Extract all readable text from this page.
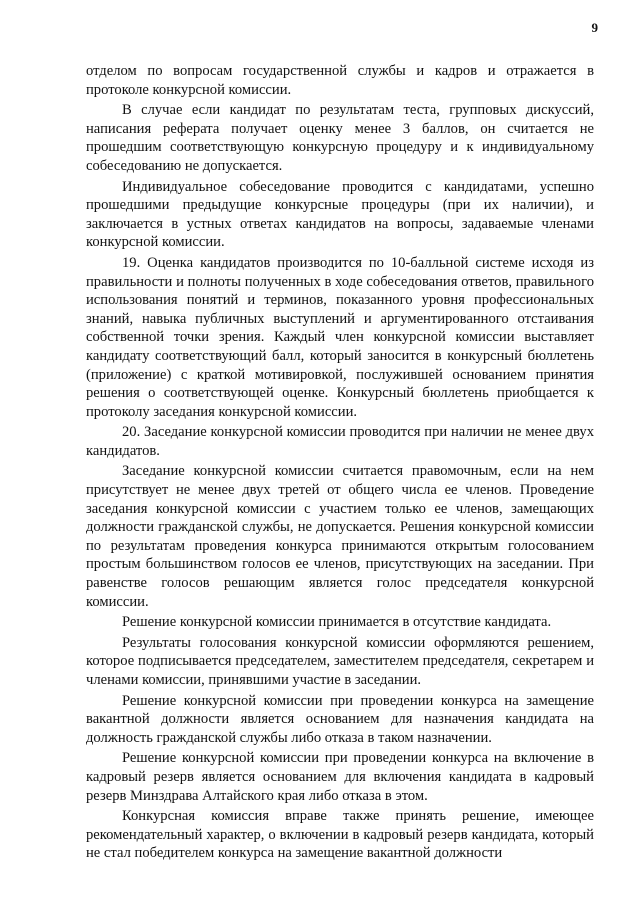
9

отделом по вопросам государственной службы и кадров и отражается в протоколе конкурсной комиссии.

В случае если кандидат по результатам теста, групповых дискуссий, написания реферата получает оценку менее 3 баллов, он считается не прошедшим соответствующую конкурсную процедуру и к индивидуальному собеседованию не допускается.

Индивидуальное собеседование проводится с кандидатами, успешно прошедшими предыдущие конкурсные процедуры (при их наличии), и заключается в устных ответах кандидатов на вопросы, задаваемые членами конкурсной комиссии.

19. Оценка кандидатов производится по 10-балльной системе исходя из правильности и полноты полученных в ходе собеседования ответов, правильного использования понятий и терминов, показанного уровня профессиональных знаний, навыка публичных выступлений и аргументированного отстаивания собственной точки зрения. Каждый член конкурсной комиссии выставляет кандидату соответствующий балл, который заносится в конкурсный бюллетень (приложение) с краткой мотивировкой, послужившей основанием принятия решения о соответствующей оценке. Конкурсный бюллетень приобщается к протоколу заседания конкурсной комиссии.

20. Заседание конкурсной комиссии проводится при наличии не менее двух кандидатов.

Заседание конкурсной комиссии считается правомочным, если на нем присутствует не менее двух третей от общего числа ее членов. Проведение заседания конкурсной комиссии с участием только ее членов, замещающих должности гражданской службы, не допускается. Решения конкурсной комиссии по результатам проведения конкурса принимаются открытым голосованием простым большинством голосов ее членов, присутствующих на заседании. При равенстве голосов решающим является голос председателя конкурсной комиссии.

Решение конкурсной комиссии принимается в отсутствие кандидата.

Результаты голосования конкурсной комиссии оформляются решением, которое подписывается председателем, заместителем председателя, секретарем и членами комиссии, принявшими участие в заседании.

Решение конкурсной комиссии при проведении конкурса на замещение вакантной должности является основанием для назначения кандидата на должность гражданской службы либо отказа в таком назначении.

Решение конкурсной комиссии при проведении конкурса на включение в кадровый резерв является основанием для включения кандидата в кадровый резерв Минздрава Алтайского края либо отказа в этом.

Конкурсная комиссия вправе также принять решение, имеющее рекомендательный характер, о включении в кадровый резерв кандидата, который не стал победителем конкурса на замещение вакантной должности
